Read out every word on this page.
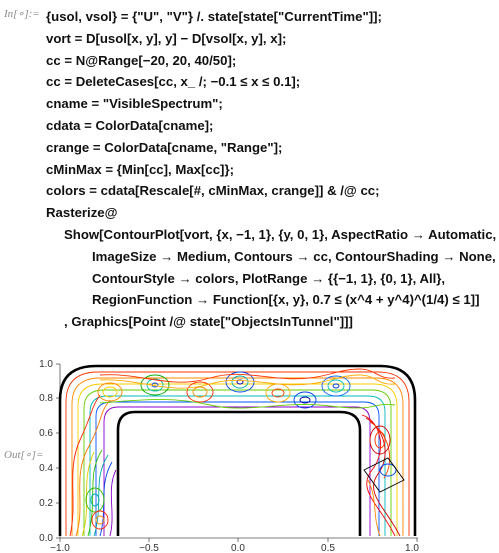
In[∘]:= {usol, vsol} = {"U", "V"} /. state[state["CurrentTime"]];
vort = D[usol[x, y], y] − D[vsol[x, y], x];
cc = N@Range[−20, 20, 40/50];
cc = DeleteCases[cc, x_ /; −0.1 ≤ x ≤ 0.1];
cname = "VisibleSpectrum";
cdata = ColorData[cname];
crange = ColorData[cname, "Range"];
cMinMax = {Min[cc], Max[cc]};
colors = cdata[Rescale[#, cMinMax, crange]] & /@ cc;
Rasterize@
Show[ContourPlot[vort, {x, −1, 1}, {y, 0, 1}, AspectRatio → Automatic,
ImageSize → Medium, Contours → cc, ContourShading → None,
ContourStyle → colors, PlotRange → {{−1, 1}, {0, 1}, All},
RegionFunction → Function[{x, y}, 0.7 ≤ (x^4 + y^4)^(1/4) ≤ 1]]
, Graphics[Point /@ state["ObjectsInTunnel"]]]
Out[∘]=
−1.0	−0.5	0.0	0.5	1.0
0.0
0.2
0.4
0.6
0.8
1.0
